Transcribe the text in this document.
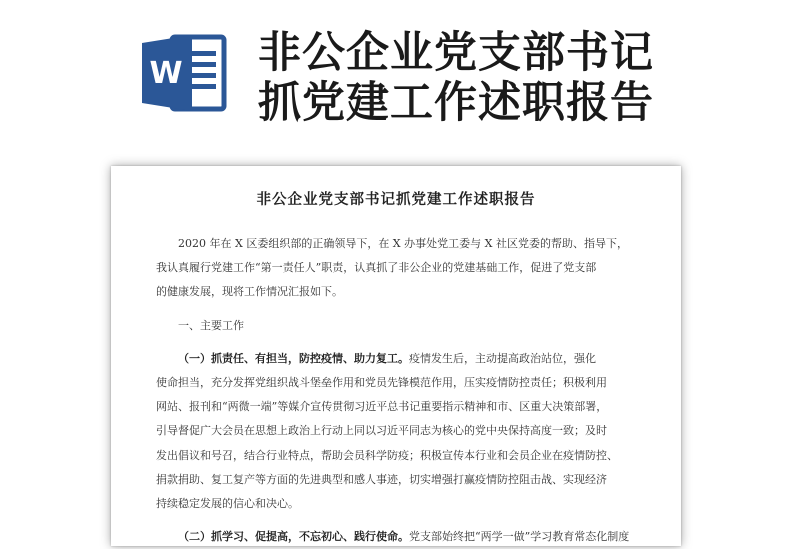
W 非公企业党支部书记
抓党建工作述职报告
非公企业党支部书记抓党建工作述职报告
2020 年在 X 区委组织部的正确领导下，在 X 办事处党工委与 X 社区党委的帮助、指导下，
我认真履行党建工作“第一责任人”职责，认真抓了非公企业的党建基础工作，促进了党支部
的健康发展，现将工作情况汇报如下。
一、主要工作
（一）抓责任、有担当，防控疫情、助力复工。疫情发生后，主动提高政治站位，强化
使命担当，充分发挥党组织战斗堡垒作用和党员先锋模范作用，压实疫情防控责任；积极利用
网站、报刊和“两微一端”等媒介宣传贯彻习近平总书记重要指示精神和市、区重大决策部署，
引导督促广大会员在思想上政治上行动上同以习近平同志为核心的党中央保持高度一致；及时
发出倡议和号召，结合行业特点，帮助会员科学防疫；积极宣传本行业和会员企业在疫情防控、
捐款捐助、复工复产等方面的先进典型和感人事迹，切实增强打赢疫情防控阻击战、实现经济
持续稳定发展的信心和决心。
（二）抓学习、促提高，不忘初心、践行使命。党支部始终把“两学一做”学习教育常态化制度
